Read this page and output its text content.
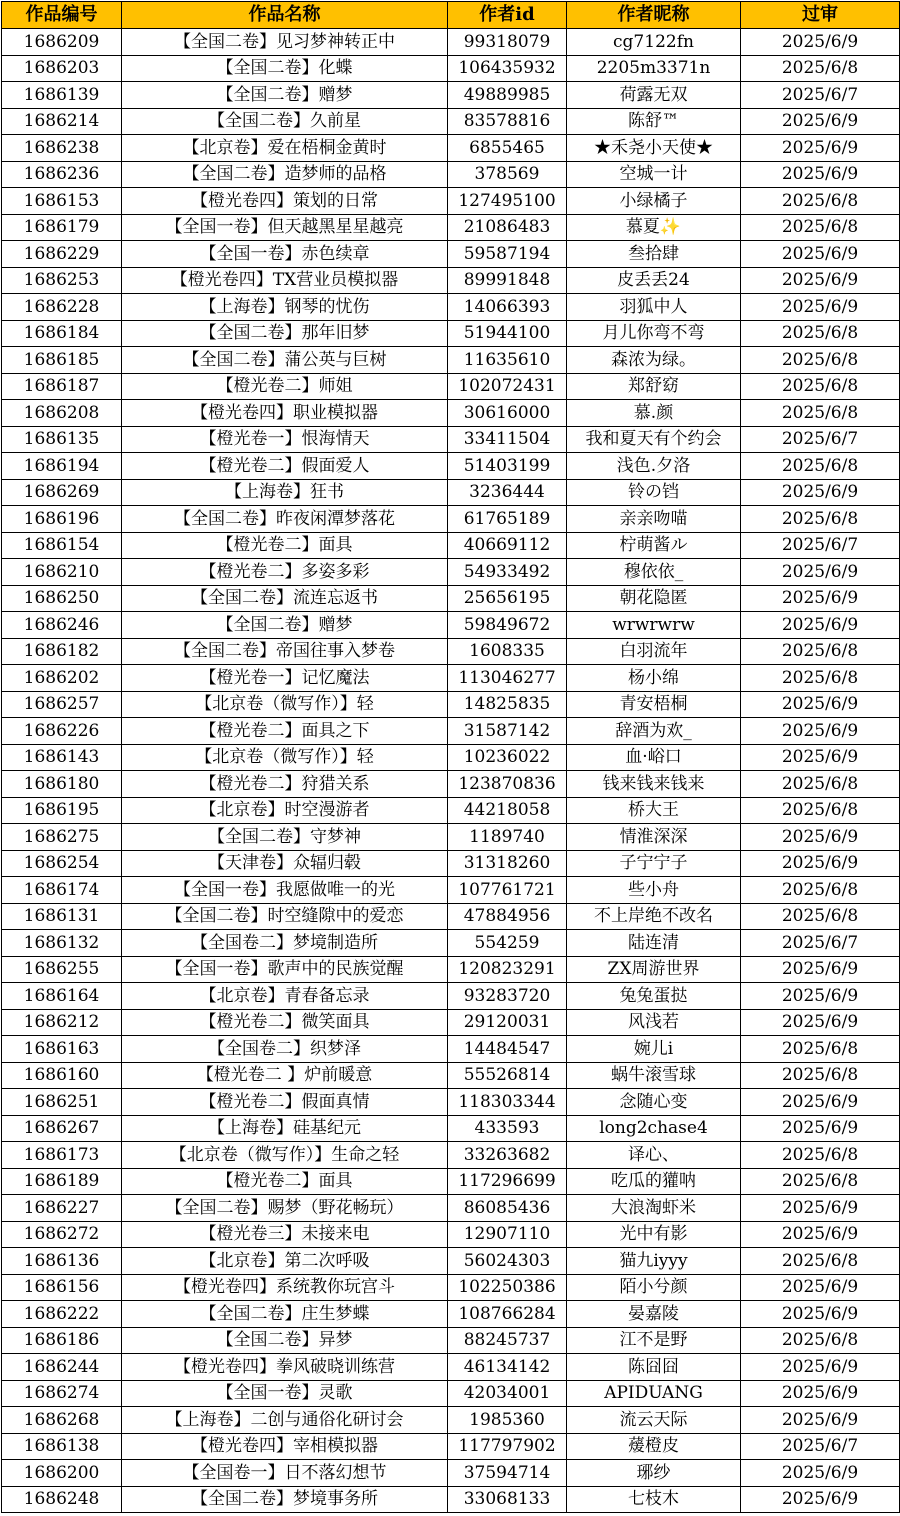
作品编号	作品名称	作者id	作者昵称	过审
1686209	【全国二卷】见习梦神转正中	99318079	cg7122fn	2025/6/9
1686203	【全国二卷】化蝶	106435932	2205m3371n	2025/6/8
1686139	【全国二卷】赠梦	49889985	荷露无双	2025/6/7
1686214	【全国二卷】久前星	83578816	陈舒™	2025/6/9
1686238	【北京卷】爱在梧桐金黄时	6855465	★禾尧小天使★	2025/6/9
1686236	【全国二卷】造梦师的品格	378569	空城一计	2025/6/9
1686153	【橙光卷四】策划的日常	127495100	小绿橘子	2025/6/8
1686179	【全国一卷】但天越黑星星越亮	21086483	慕夏✨	2025/6/8
1686229	【全国一卷】赤色续章	59587194	叁拾肆	2025/6/9
1686253	【橙光卷四】TX营业员模拟器	89991848	皮丢丢24	2025/6/9
1686228	【上海卷】钢琴的忧伤	14066393	羽狐中人	2025/6/9
1686184	【全国二卷】那年旧梦	51944100	月儿你弯不弯	2025/6/8
1686185	【全国二卷】蒲公英与巨树	11635610	森浓为绿。	2025/6/8
1686187	【橙光卷二】师姐	102072431	郑舒窈	2025/6/8
1686208	【橙光卷四】职业模拟器	30616000	慕.颜	2025/6/8
1686135	【橙光卷一】恨海情天	33411504	我和夏天有个约会	2025/6/7
1686194	【橙光卷二】假面爱人	51403199	浅色.夕洛	2025/6/8
1686269	【上海卷】狂书	3236444	铃の铛	2025/6/9
1686196	【全国二卷】昨夜闲潭梦落花	61765189	亲亲吻喵	2025/6/8
1686154	【橙光卷二】面具	40669112	柠萌酱ル	2025/6/7
1686210	【橙光卷二】多姿多彩	54933492	穆依依_	2025/6/9
1686250	【全国二卷】流连忘返书	25656195	朝花隐匿	2025/6/9
1686246	【全国二卷】赠梦	59849672	wrwrwrw	2025/6/9
1686182	【全国二卷】帝国往事入梦卷	1608335	白羽流年	2025/6/8
1686202	【橙光卷一】记忆魔法	113046277	杨小绵	2025/6/8
1686257	【北京卷（微写作）】轻	14825835	青安梧桐	2025/6/9
1686226	【橙光卷二】面具之下	31587142	辞酒为欢_	2025/6/9
1686143	【北京卷（微写作）】轻	10236022	血·峪口	2025/6/9
1686180	【橙光卷二】狩猎关系	123870836	钱来钱来钱来	2025/6/8
1686195	【北京卷】时空漫游者	44218058	桥大王	2025/6/8
1686275	【全国二卷】守梦神	1189740	情淮深深	2025/6/9
1686254	【天津卷】众辐归毂	31318260	子宁宁子	2025/6/9
1686174	【全国一卷】我愿做唯一的光	107761721	些小舟	2025/6/8
1686131	【全国二卷】时空缝隙中的爱恋	47884956	不上岸绝不改名	2025/6/8
1686132	【全国卷二】梦境制造所	554259	陆连清	2025/6/7
1686255	【全国一卷】歌声中的民族觉醒	120823291	ZX周游世界	2025/6/9
1686164	【北京卷】青春备忘录	93283720	兔兔蛋挞	2025/6/9
1686212	【橙光卷二】微笑面具	29120031	风浅若	2025/6/9
1686163	【全国卷二】织梦泽	14484547	婉儿i	2025/6/8
1686160	【橙光卷二 】炉前暖意	55526814	蜗牛滚雪球	2025/6/8
1686251	【橙光卷二】假面真情	118303344	念随心变	2025/6/9
1686267	【上海卷】硅基纪元	433593	long2chase4	2025/6/9
1686173	【北京卷（微写作）】生命之轻	33263682	译心、	2025/6/8
1686189	【橙光卷二】面具	117296699	吃瓜的獾呐	2025/6/8
1686227	【全国二卷】赐梦（野花畅玩）	86085436	大浪淘虾米	2025/6/9
1686272	【橙光卷三】未接来电	12907110	光中有影	2025/6/9
1686136	【北京卷】第二次呼吸	56024303	猫九iyyy	2025/6/8
1686156	【橙光卷四】系统教你玩宫斗	102250386	陌小兮颜	2025/6/9
1686222	【全国二卷】庄生梦蝶	108766284	晏嘉陵	2025/6/9
1686186	【全国二卷】异梦	88245737	江不是野	2025/6/8
1686244	【橙光卷四】拳风破晓训练营	46134142	陈囧囧	2025/6/9
1686274	【全国一卷】灵歌	42034001	APIDUANG	2025/6/9
1686268	【上海卷】二创与通俗化研讨会	1985360	流云天际	2025/6/9
1686138	【橙光卷四】宰相模拟器	117797902	蕿橙皮	2025/6/7
1686200	【全国卷一】日不落幻想节	37594714	琊纱	2025/6/9
1686248	【全国二卷】梦境事务所	33068133	七枝木	2025/6/9
